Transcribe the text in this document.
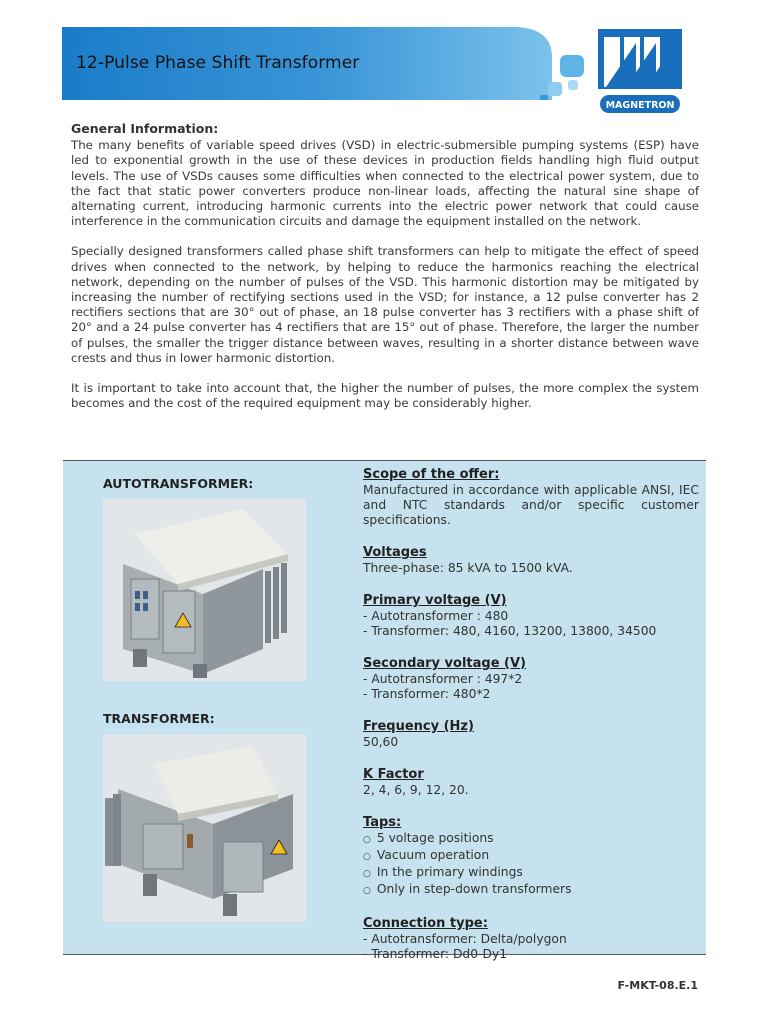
12-Pulse Phase Shift Transformer
MAGNETRON
General Information:

The many benefits of variable speed drives (VSD) in electric-submersible pumping systems (ESP) have led to exponential growth in the use of these devices in production fields handling high fluid output levels. The use of VSDs causes some difficulties when connected to the electrical power system, due to the fact that static power converters produce non-linear loads, affecting the natural sine shape of alternating current, introducing harmonic currents into the electric power network that could cause interference in the communication circuits and damage the equipment installed on the network.

Specially designed transformers called phase shift transformers can help to mitigate the effect of speed drives when connected to the network, by helping to reduce the harmonics reaching the electrical network, depending on the number of pulses of the VSD. This harmonic distortion may be mitigated by increasing the number of rectifying sections used in the VSD; for instance, a 12 pulse converter has 2 rectifiers sections that are 30° out of phase, an 18 pulse converter has 3 rectifiers with a phase shift of 20° and a 24 pulse converter has 4 rectifiers that are 15° out of phase. Therefore, the larger the number of pulses, the smaller the trigger distance between waves, resulting in a shorter distance between wave crests and thus in lower harmonic distortion.

It is important to take into account that, the higher the number of pulses, the more complex the system becomes and the cost of the required equipment may be considerably higher.

AUTOTRANSFORMER:

TRANSFORMER:

Scope of the offer:
Manufactured in accordance with applicable ANSI, IEC and NTC standards and/or specific customer specifications.
Voltages
Three-phase: 85 kVA to 1500 kVA.
Primary voltage (V)
- Autotransformer : 480
- Transformer: 480, 4160, 13200, 13800, 34500
Secondary voltage (V)
- Autotransformer : 497*2
- Transformer: 480*2
Frequency (Hz)
50,60
K Factor
2, 4, 6, 9, 12, 20.
Taps:
○ 5 voltage positions
○ Vacuum operation
○ In the primary windings
○ Only in step-down transformers
Connection type:
- Autotransformer: Delta/polygon
- Transformer: Dd0-Dy1
F-MKT-08.E.1
